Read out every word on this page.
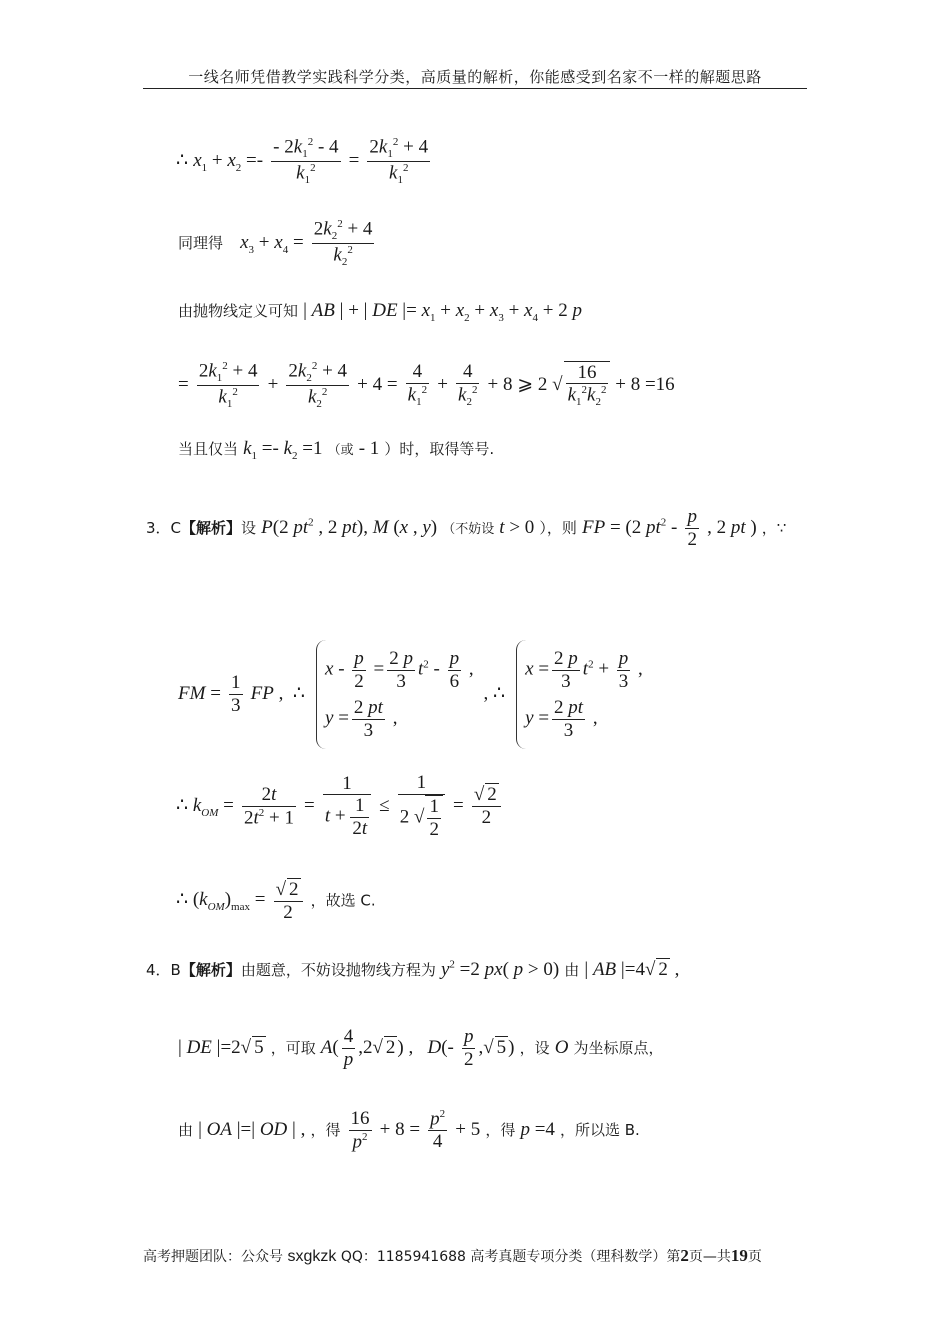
一线名师凭借教学实践科学分类，高质量的解析，你能感受到名家不一样的解题思路
∴ $x_1 + x_2 =- \frac{- 2k_1^2 - 4}{k_1^2} = \frac{2k_1^2 + 4}{k_1^2}$
同理得 $x_3 + x_4 = \frac{2k_2^2 + 4}{k_2^2}$
由抛物线定义可知 | AB | + | DE |= $x_1 + x_2 + x_3 + x_4 + 2$ p
= $\frac{2k_1^2 + 4}{k_1^2} + \frac{2k_2^2 + 4}{k_2^2} + 4 = \frac{4}{k_1^2} + \frac{4}{k_2^2} + 8$ ⩾ 2 √ $\frac{16}{k_1^2k_2^2} + 8 =16$
当且仅当 $k_1 =- k_2 =1$ （或 - 1 ）时，取得等号.
3．C【解析】设 P(2 $pt^2$ , 2 pt), M (x , y) （不妨设 t > 0 ），则 FP = (2 $pt^2 - \frac{p}{2}$ , 2 pt ) ，∵
FM = $\frac{1}{3}$ FP ,  ∴
$x - \frac{p}{2} = \frac{2 p}{3} t^2 - \frac{p}{6}$ ,
$y = \frac{2 pt}{3}$ ,
, ∴
$x = \frac{2 p}{3} t^2 + \frac{p}{3}$ ,
$y = \frac{2 pt}{3}$ ,
∴ $k_{OM} = \frac{2t}{2t^2 + 1} = \frac{1}{t + \frac{1}{2t}} \le \frac{1}{2 √ \frac{1}{2}} = \frac{√ 2}{2}$
∴ $(k_{OM})_{max} = \frac{√ 2}{2}$ ，故选 C.
4．B【解析】由题意，不妨设抛物线方程为 $y^2 =2$ px( p > 0) 由 | AB |=4√ 2 ,
| DE |=2√ 5 ，可取 $A( \frac{4}{p} ,2√$ 2 ) ,   $D(- \frac{p}{2}$ ,√ 5 ) ，设 O 为坐标原点，
由 | OA |=| OD | , ，得 $\frac{16}{p^2} + 8 = \frac{p^2}{4} + 5$ ，得 p =4 ，所以选 B.
高考押题团队：公众号 sxgkzk QQ：1185941688 高考真题专项分类（理科数学）第2页—共19页
